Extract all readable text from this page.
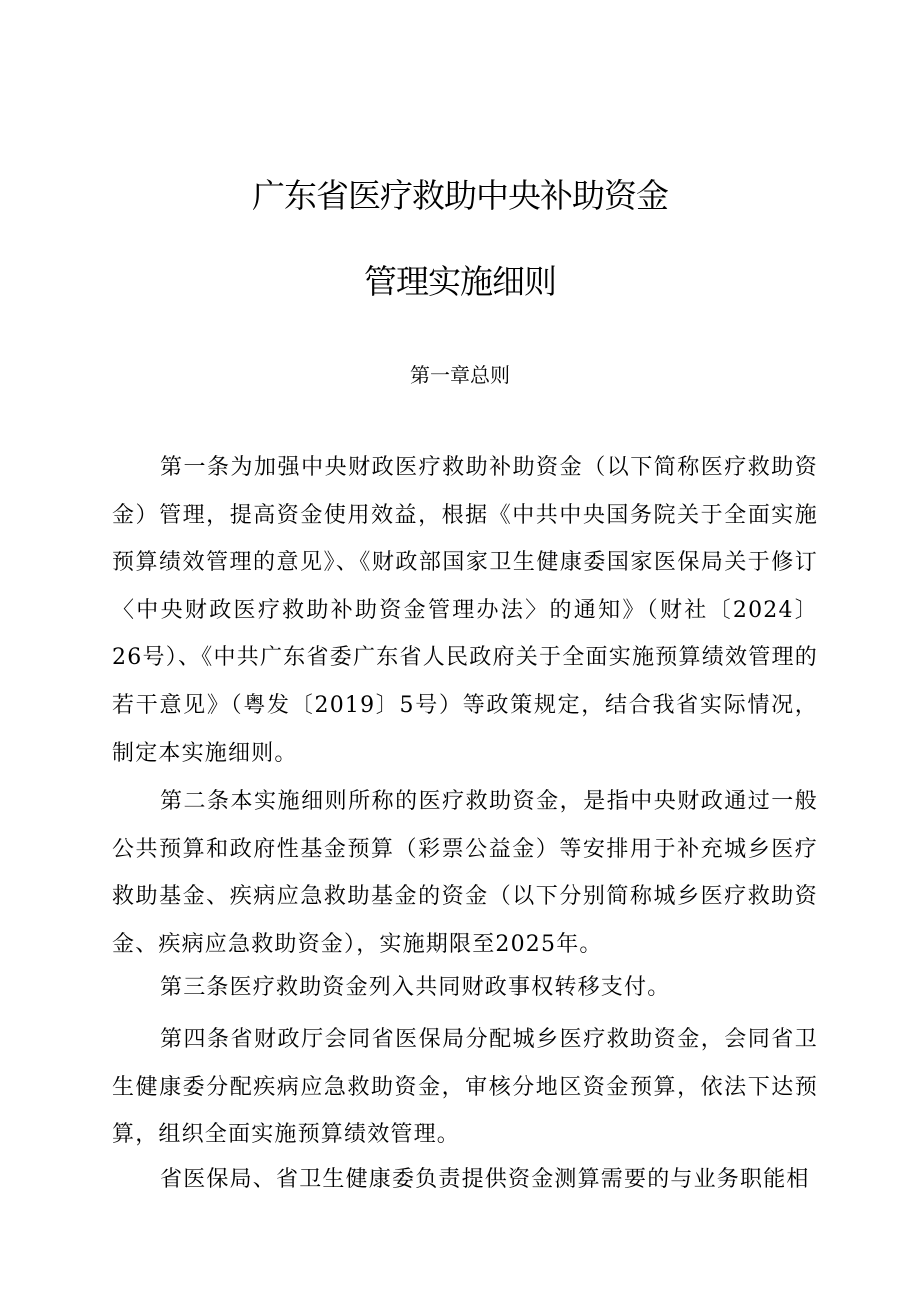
广东省医疗救助中央补助资金
管理实施细则
第一章总则

第一条为加强中央财政医疗救助补助资金（以下简称医疗救助资金）管理，提高资金使用效益，根据《中共中央国务院关于全面实施预算绩效管理的意见》、《财政部国家卫生健康委国家医保局关于修订〈中央财政医疗救助补助资金管理办法〉的通知》（财社〔2024〕26号）、《中共广东省委广东省人民政府关于全面实施预算绩效管理的若干意见》（粤发〔2019〕5号）等政策规定，结合我省实际情况，制定本实施细则。

第二条本实施细则所称的医疗救助资金，是指中央财政通过一般公共预算和政府性基金预算（彩票公益金）等安排用于补充城乡医疗救助基金、疾病应急救助基金的资金（以下分别简称城乡医疗救助资金、疾病应急救助资金），实施期限至2025年。

第三条医疗救助资金列入共同财政事权转移支付。

第四条省财政厅会同省医保局分配城乡医疗救助资金，会同省卫生健康委分配疾病应急救助资金，审核分地区资金预算，依法下达预算，组织全面实施预算绩效管理。

省医保局、省卫生健康委负责提供资金测算需要的与业务职能相
